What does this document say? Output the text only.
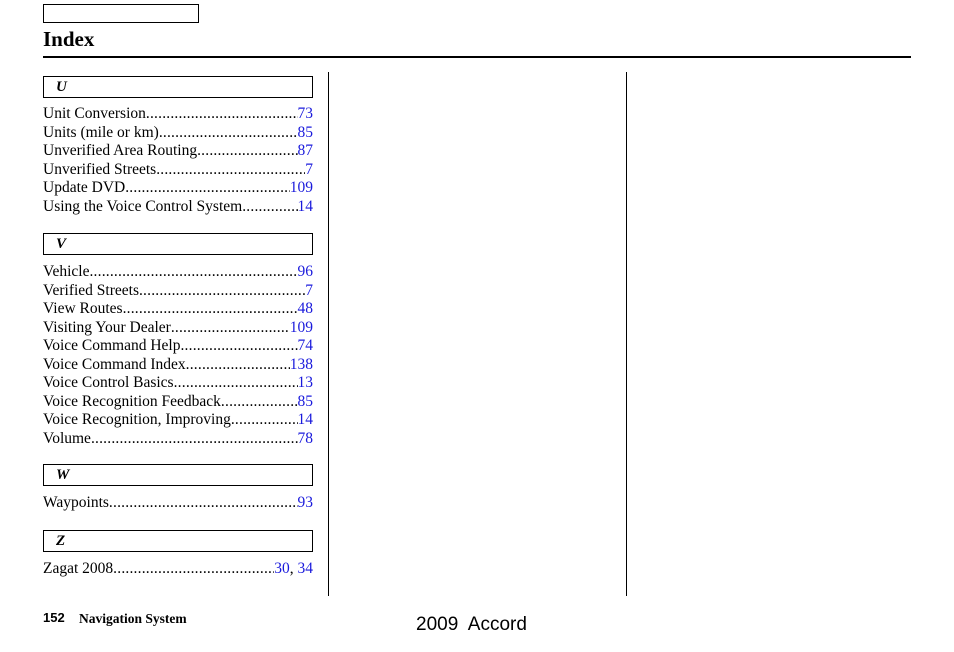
Index
U
Unit Conversion .....	73
Units (mile or km) .....	85
Unverified Area Routing .....	87
Unverified Streets .....	7
Update DVD .....	109
Using the Voice Control System .....	14
V
Vehicle .....	96
Verified Streets .....	7
View Routes .....	48
Visiting Your Dealer .....	109
Voice Command Help .....	74
Voice Command Index .....	138
Voice Control Basics .....	13
Voice Recognition Feedback .....	85
Voice Recognition, Improving .....	14
Volume .....	78
W
Waypoints .....	93
Z
Zagat 2008 .....	30, 34
152 Navigation System	2009  Accord
